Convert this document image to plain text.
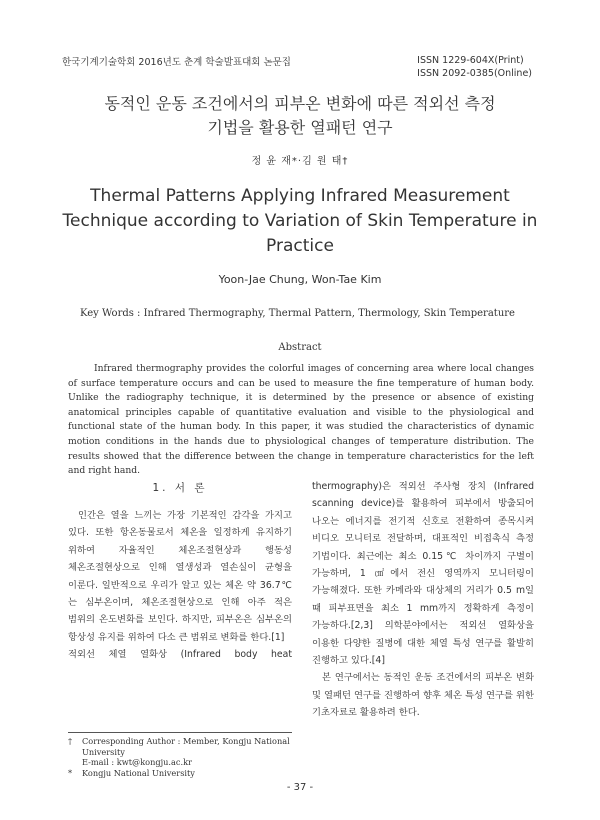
한국기계기술학회 2016년도 춘계 학술발표대회 논문집	ISSN 1229-604X(Print)
ISSN 2092-0385(Online)
동적인 운동 조건에서의 피부온 변화에 따른 적외선 측정
기법을 활용한 열패턴 연구
정 윤 재*·김 원 태†
Thermal Patterns Applying Infrared Measurement
Technique according to Variation of Skin Temperature in
Practice
Yoon-Jae Chung, Won-Tae Kim
Key Words : Infrared Thermography, Thermal Pattern, Thermology, Skin Temperature
Abstract

Infrared thermography provides the colorful images of concerning area where local changes of surface temperature occurs and can be used to measure the fine temperature of human body. Unlike the radiography technique, it is determined by the presence or absence of existing anatomical principles capable of quantitative evaluation and visible to the physiological and functional state of the human body. In this paper, it was studied the characteristics of dynamic motion conditions in the hands due to physiological changes of temperature distribution. The results showed that the difference between the change in temperature characteristics for the left and right hand.

1. 서 론

인간은 열을 느끼는 가장 기본적인 감각을 가지고 있다. 또한 항온동물로서 체온을 일정하게 유지하기 위하여 자율적인 체온조절현상과 행동성 체온조절현상으로 인해 열생성과 열손실이 균형을 이룬다. 일반적으로 우리가 알고 있는 체온 약 36.7℃는 심부온이며, 체온조절현상으로 인해 아주 적은 범위의 온도변화를 보인다. 하지만, 피부온은 심부온의 항상성 유지를 위하여 다소 큰 범위로 변화를 한다.[1]

적외선 체열 열화상 (Infrared body heat

thermography)은 적외선 주사형 장치 (Infrared scanning device)를 활용하여 피부에서 방출되어 나오는 에너지를 전기적 신호로 전환하여 종목시켜 비디오 모니터로 전달하며, 대표적인 비접촉식 측정 기법이다. 최근에는 최소 0.15℃ 차이까지 구별이 가능하며, 1 ㎠에서 전신 영역까지 모니터링이 가능해졌다. 또한 카메라와 대상체의 거리가 0.5 m일 때 피부표면을 최소 1 mm까지 정확하게 측정이 가능하다.[2,3] 의학분야에서는 적외선 열화상을 이용한 다양한 질병에 대한 체열 특성 연구를 활발히 진행하고 있다.[4]

본 연구에서는 동적인 운동 조건에서의 피부온 변화 및 열패턴 연구를 진행하여 향후 체온 특성 연구를 위한 기초자료로 활용하려 한다.

†	Corresponding Author : Member, Kongju National University
E-mail : kwt@kongju.ac.kr
*	Kongju National University
- 37 -
